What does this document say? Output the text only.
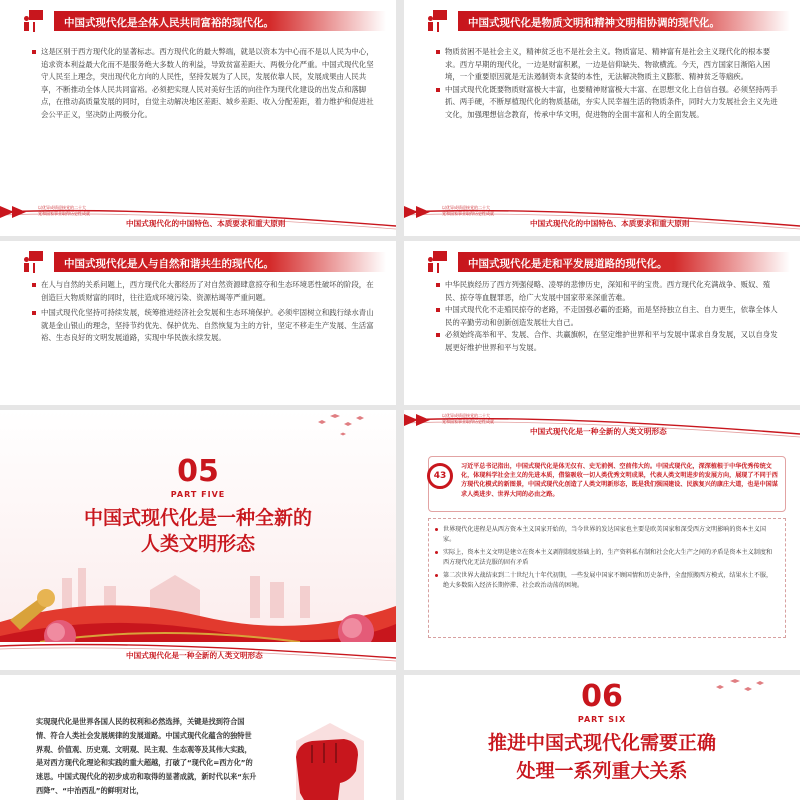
中国式现代化是全体人民共同富裕的现代化。
这是区别于西方现代化的显著标志。西方现代化的最大弊端，就是以资本为中心而不是以人民为中心，追求资本利益最大化而不是服务绝大多数人的利益，导致贫富差距大、两极分化严重。中国式现代化坚守人民至上理念，突出现代化方向的人民性，坚持发展为了人民，发展依靠人民，发展成果由人民共享，不断推动全体人民共同富裕。必须把实现人民对美好生活的向往作为现代化建设的出发点和落脚点，在推动高质量发展的同时，自觉主动解决地区差距、城乡差距、收入分配差距，着力维护和促进社会公平正义，坚决防止两极分化。
以优异成绩迎接党的二十大
党和国家事业取得历史性成就
中国式现代化的中国特色、本质要求和重大原则
中国式现代化是物质文明和精神文明相协调的现代化。
物质贫困不是社会主义，精神贫乏也不是社会主义。物质富足、精神富有是社会主义现代化的根本要求。西方早期的现代化，一边是财富积累，一边是信仰缺失、物欲横流。今天，西方国家日渐陷入困境，一个重要原因就是无法遏制资本贪婪的本性，无法解决物质主义膨胀、精神贫乏等痼疾。
中国式现代化既要物质财富极大丰富，也要精神财富极大丰富、在思想文化上自信自强。必须坚持两手抓、两手硬，不断厚植现代化的物质基础，夯实人民幸福生活的物质条件，同时大力发展社会主义先进文化，加强理想信念教育，传承中华文明，促进物的全面丰富和人的全面发展。
以优异成绩迎接党的二十大
党和国家事业取得历史性成就
中国式现代化的中国特色、本质要求和重大原则
中国式现代化是人与自然和谐共生的现代化。
在人与自然的关系问题上，西方现代化大都经历了对自然资源肆意掠夺和生态环境恶性破坏的阶段，在创造巨大物质财富的同时，往往造成环境污染、资源枯竭等严重问题。
中国式现代化坚持可持续发展，统筹推进经济社会发展和生态环境保护。必须牢固树立和践行绿水青山就是金山银山的理念，坚持节约优先、保护优先、自然恢复为主的方针，坚定不移走生产发展、生活富裕、生态良好的文明发展道路，实现中华民族永续发展。
中国式现代化是走和平发展道路的现代化。
中华民族经历了西方列强侵略、凌辱的悲惨历史，深知和平的宝贵。西方现代化充满战争、贩奴、殖民、掠夺等血腥罪恶，给广大发展中国家带来深重苦难。
中国式现代化不走殖民掠夺的老路，不走国强必霸的歪路，而是坚持独立自主、自力更生，依靠全体人民的辛勤劳动和创新创造发展壮大自己。
必须始终高举和平、发展、合作、共赢旗帜，在坚定维护世界和平与发展中谋求自身发展，又以自身发展更好维护世界和平与发展。
05
PART FIVE
中国式现代化是一种全新的
人类文明形态
中国式现代化是一种全新的人类文明形态
以优异成绩迎接党的二十大
党和国家事业取得历史性成就
中国式现代化是一种全新的人类文明形态
43
习近平总书记指出，中国式现代化是体无仅有、史无前例、空前伟大的。中国式现代化，深深植根于中华优秀传统文化，体现科学社会主义的先进本质，借鉴吸收一切人类优秀文明成果，代表人类文明进步的发展方向，展现了不同于西方现代化模式的新图景，中国式现代化创造了人类文明新形态，既是我们强国建设、民族复兴的康庄大道，也是中国谋求人类进步、世界大同的必由之路。
世界现代化进程是从西方资本主义国家开始的，当今世界的发达国家也主要是欧美国家和深受西方文明影响的资本主义国家。
实际上，资本主义文明是建立在资本主义剥削制度基础上的，生产资料私有制和社会化大生产之间的矛盾是资本主义制度和西方现代化无法克服的固有矛盾
第二次世界大战结束到二十世纪九十年代初期，一些发展中国家不顾国情和历史条件，全盘照搬西方模式，结果水土不服，绝大多数陷入经济长期停滞、社会政治动荡的困境。
实现现代化是世界各国人民的权利和必然选择，关键是找到符合国情、符合人类社会发展规律的发展道路。中国式现代化蕴含的独特世界观、价值观、历史观、文明观、民主观、生态观等及其伟大实践，是对西方现代化理论和实践的重大超越，打破了“现代化=西方化”的迷思。中国式现代化的初步成功和取得的显著成就，新时代以来“东升西降”、“中治西乱”的鲜明对比，
06
PART SIX
推进中国式现代化需要正确
处理一系列重大关系
